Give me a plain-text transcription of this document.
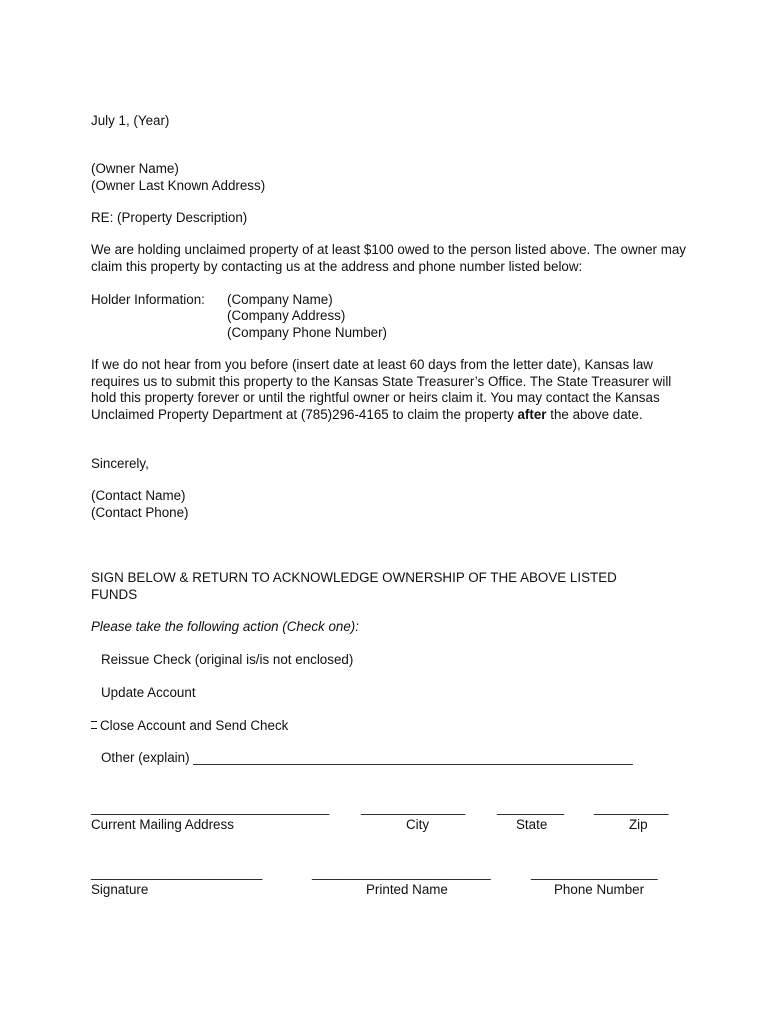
July 1, (Year)
(Owner Name)
(Owner Last Known Address)
RE: (Property Description)
We are holding unclaimed property of at least $100 owed to the person listed above. The owner may claim this property by contacting us at the address and phone number listed below:
Holder Information: (Company Name)
(Company Address)
(Company Phone Number)
If we do not hear from you before (insert date at least 60 days from the letter date), Kansas law requires us to submit this property to the Kansas State Treasurer’s Office. The State Treasurer will hold this property forever or until the rightful owner or heirs claim it. You may contact the Kansas Unclaimed Property Department at (785)296-4165 to claim the property after the above date.
Sincerely,
(Contact Name)
(Contact Phone)
SIGN BELOW & RETURN TO ACKNOWLEDGE OWNERSHIP OF THE ABOVE LISTED FUNDS
Please take the following action (Check one):
Reissue Check (original is/is not enclosed)
Update Account
Close Account and Send Check
Other (explain) ___________________________________________________________
________________________________ ______________ _________ __________
Current Mailing Address	City	State	Zip
_______________________	________________________	_________________
Signature	Printed Name	Phone Number
